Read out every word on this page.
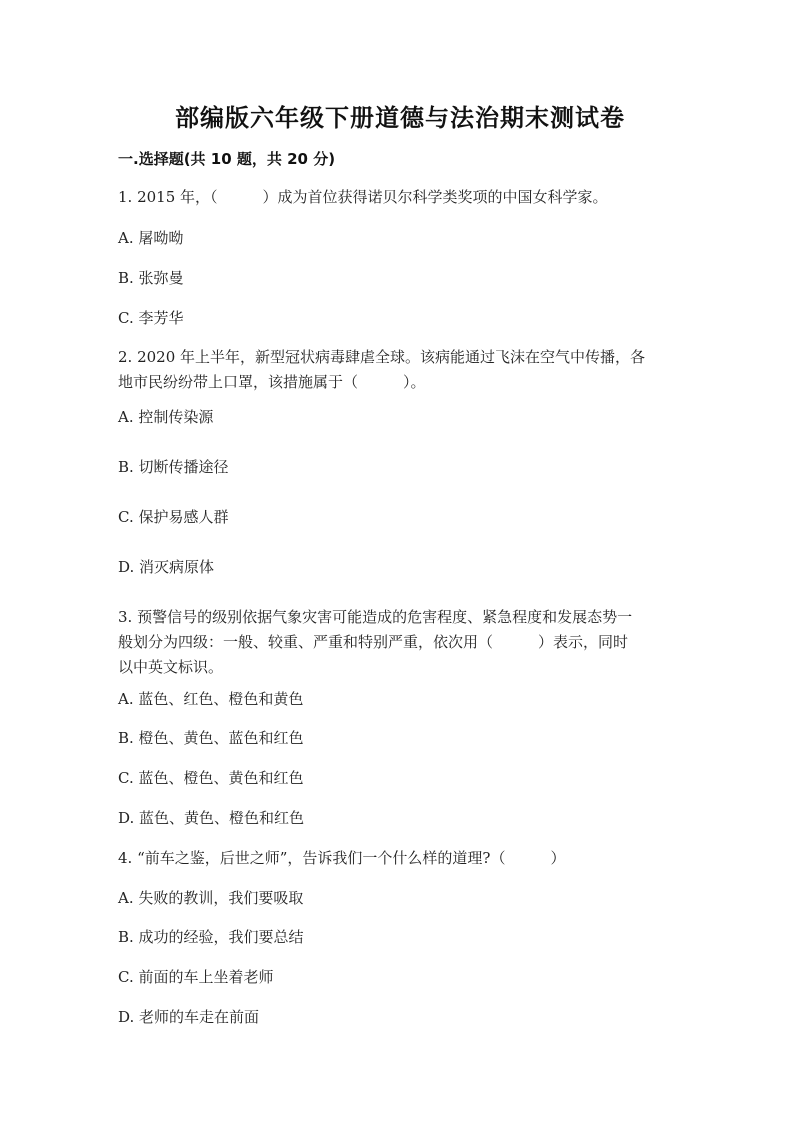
部编版六年级下册道德与法治期末测试卷
一.选择题(共 10 题，共 20 分)
1. 2015 年，（　　　）成为首位获得诺贝尔科学类奖项的中国女科学家。
A. 屠呦呦
B. 张弥曼
C. 李芳华
2. 2020 年上半年，新型冠状病毒肆虐全球。该病能通过飞沫在空气中传播，各
地市民纷纷带上口罩，该措施属于（　　　）。
A. 控制传染源
B. 切断传播途径
C. 保护易感人群
D. 消灭病原体
3. 预警信号的级别依据气象灾害可能造成的危害程度、紧急程度和发展态势一
般划分为四级：一般、较重、严重和特别严重，依次用（　　　）表示，同时
以中英文标识。
A. 蓝色、红色、橙色和黄色
B. 橙色、黄色、蓝色和红色
C. 蓝色、橙色、黄色和红色
D. 蓝色、黄色、橙色和红色
4. “前车之鉴，后世之师”，告诉我们一个什么样的道理?（　　　）
A. 失败的教训，我们要吸取
B. 成功的经验，我们要总结
C. 前面的车上坐着老师
D. 老师的车走在前面
